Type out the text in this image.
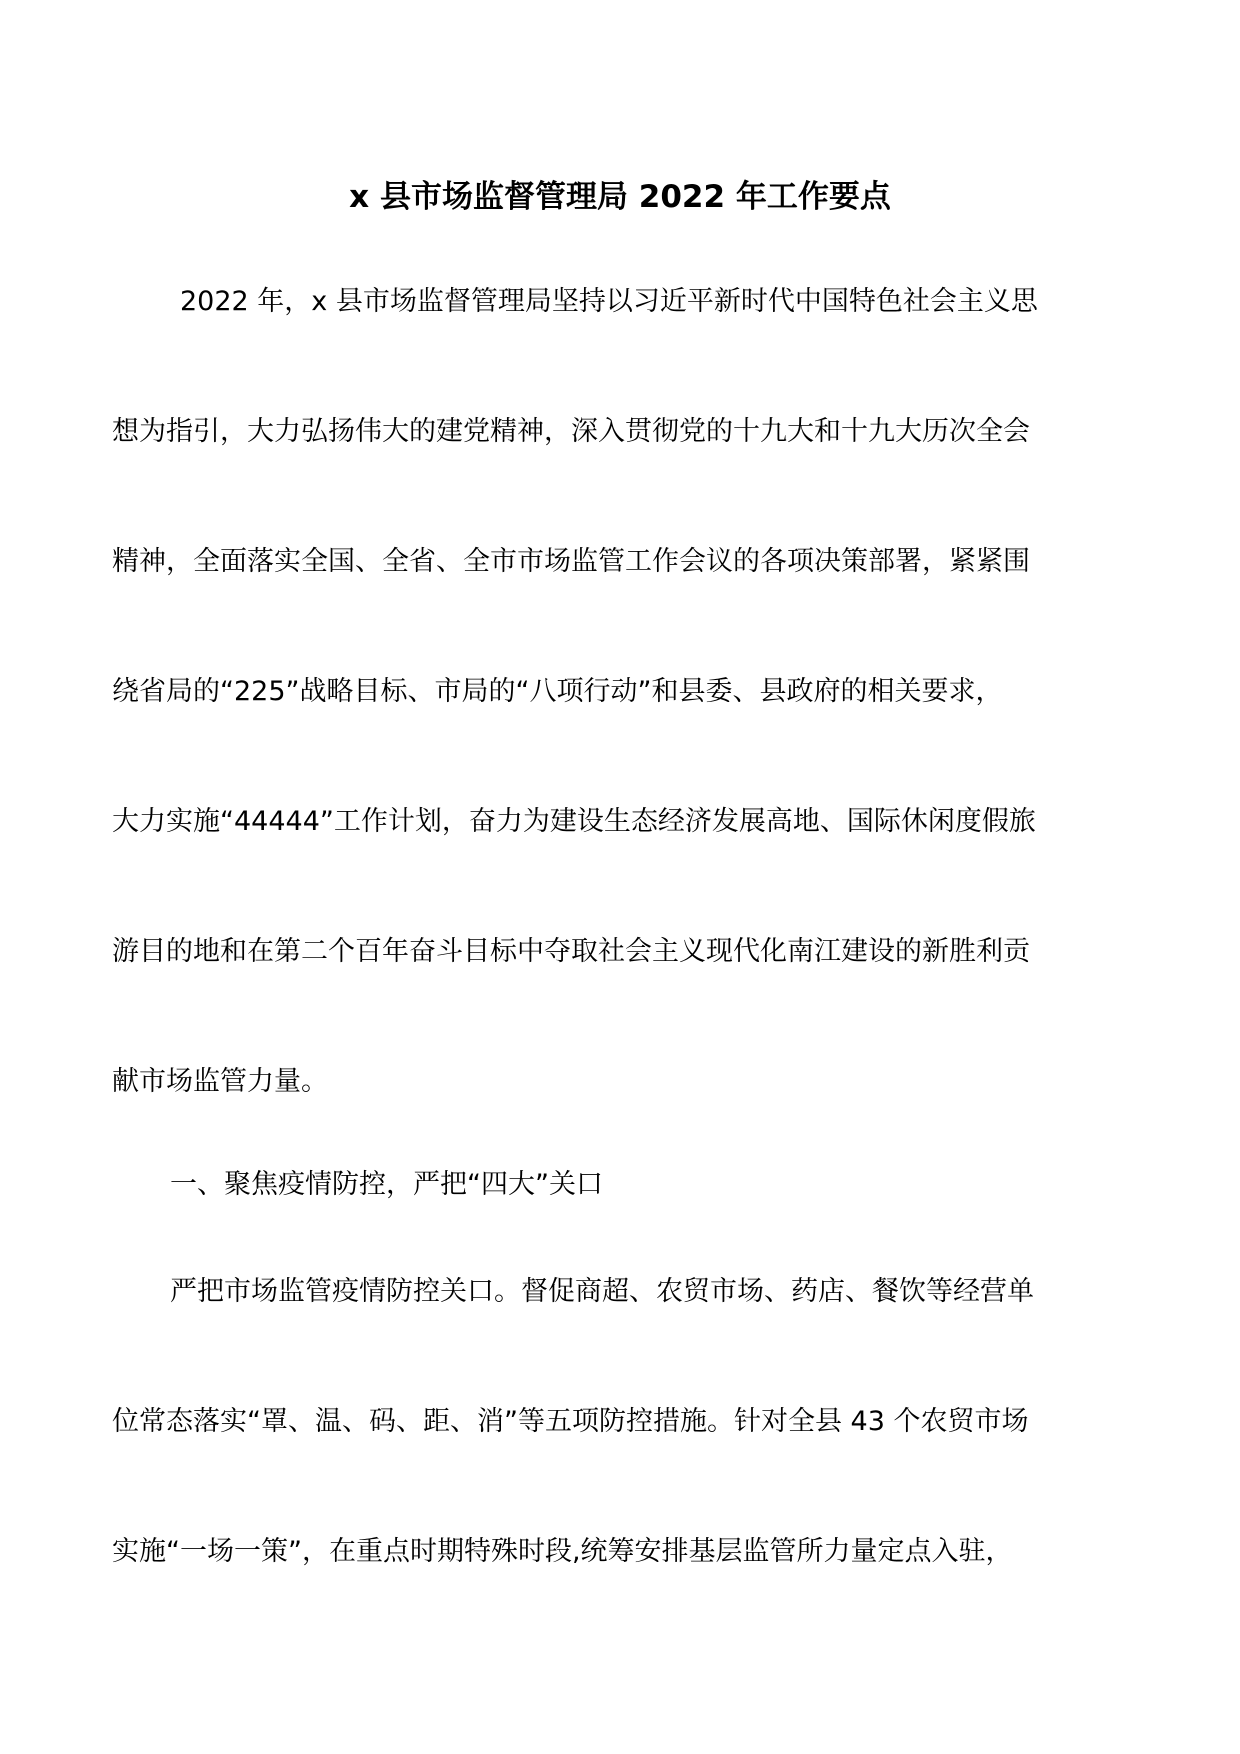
x 县市场监督管理局 2022 年工作要点
2022 年，x 县市场监督管理局坚持以习近平新时代中国特色社会主义思
想为指引，大力弘扬伟大的建党精神，深入贯彻党的十九大和十九大历次全会
精神，全面落实全国、全省、全市市场监管工作会议的各项决策部署，紧紧围
绕省局的“225”战略目标、市局的“八项行动”和县委、县政府的相关要求，
大力实施“44444”工作计划，奋力为建设生态经济发展高地、国际休闲度假旅
游目的地和在第二个百年奋斗目标中夺取社会主义现代化南江建设的新胜利贡
献市场监管力量。
一、聚焦疫情防控，严把“四大”关口
严把市场监管疫情防控关口。督促商超、农贸市场、药店、餐饮等经营单
位常态落实“罩、温、码、距、消”等五项防控措施。针对全县 43 个农贸市场
实施“一场一策”，在重点时期特殊时段,统筹安排基层监管所力量定点入驻，
